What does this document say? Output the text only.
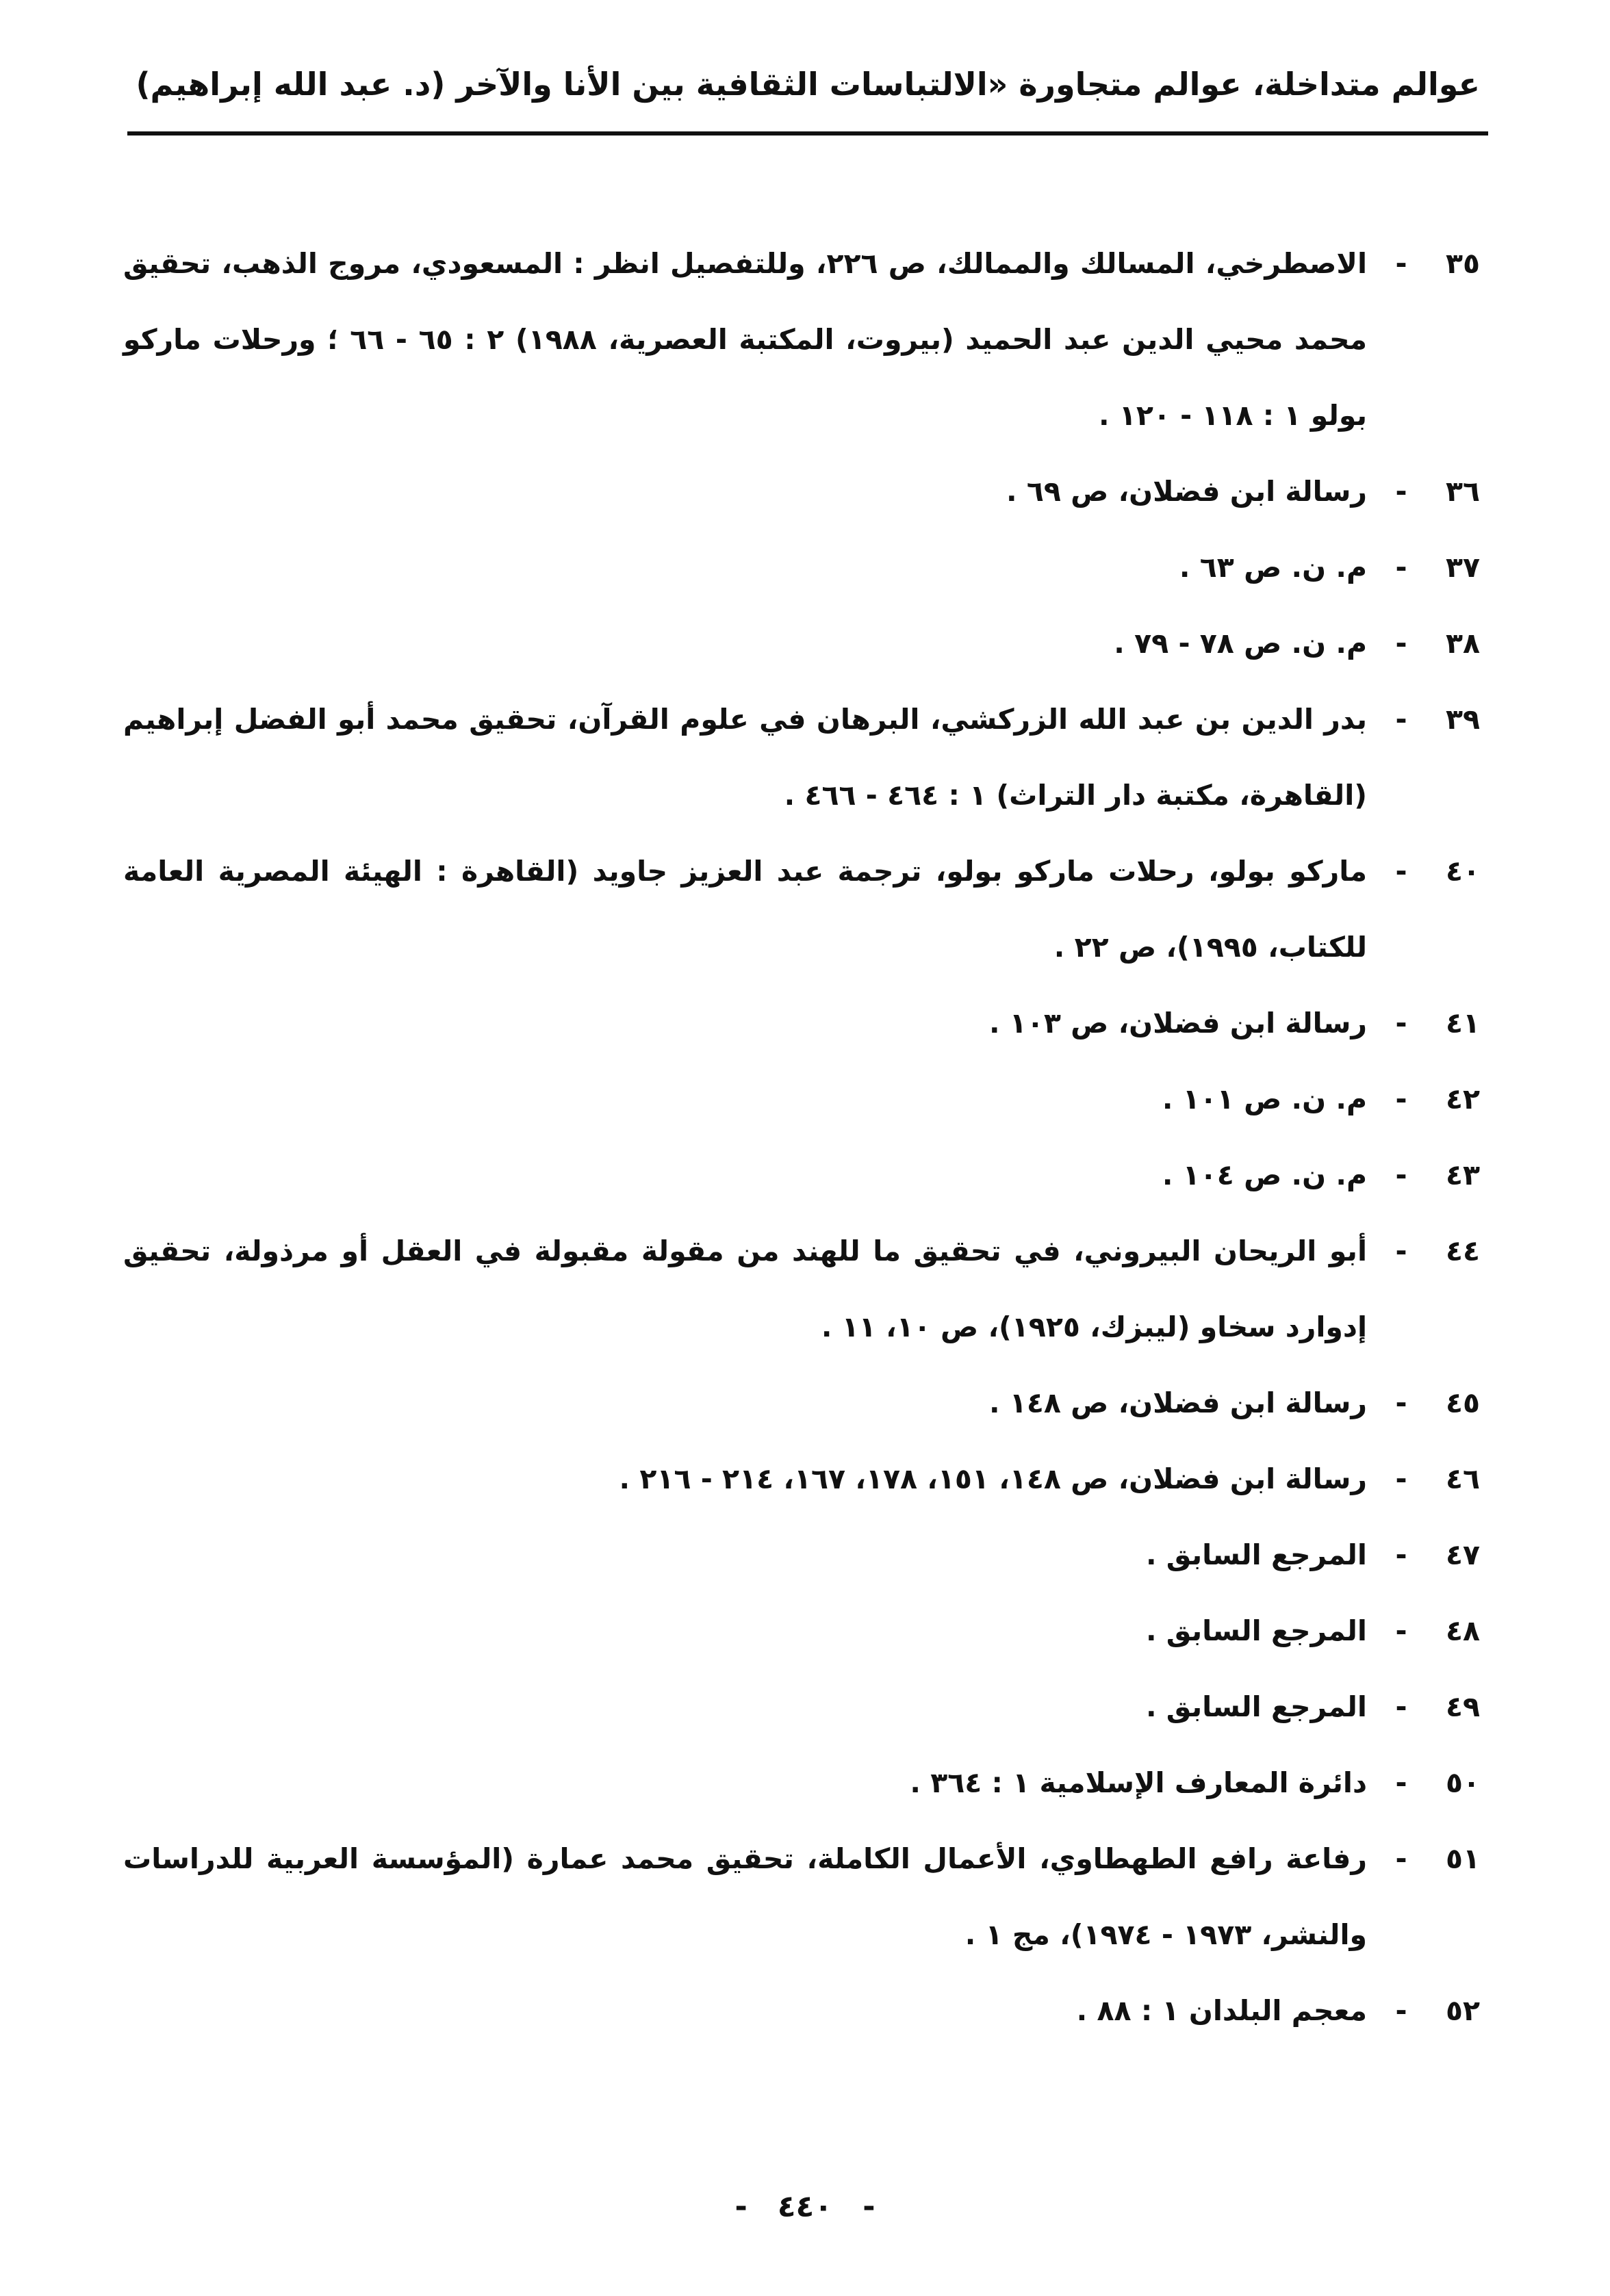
عوالم متداخلة، عوالم متجاورة «الالتباسات الثقافية بين الأنا والآخر (د. عبد الله إبراهيم)
٣٥
-
الاصطرخي، المسالك والممالك، ص ٢٢٦، وللتفصيل انظر : المسعودي، مروج الذهب، تحقيق محمد محيي الدين عبد الحميد (بيروت، المكتبة العصرية، ١٩٨٨) ٢ : ٦٥ - ٦٦ ؛ ورحلات ماركو بولو ١ : ١١٨ - ١٢٠ .
٣٦
-
رسالة ابن فضلان، ص ٦٩ .
٣٧
-
م. ن. ص ٦٣ .
٣٨
-
م. ن. ص ٧٨ - ٧٩ .
٣٩
-
بدر الدين بن عبد الله الزركشي، البرهان في علوم القرآن، تحقيق محمد أبو الفضل إبراهيم (القاهرة، مكتبة دار التراث) ١ : ٤٦٤ - ٤٦٦ .
٤٠
-
ماركو بولو، رحلات ماركو بولو، ترجمة عبد العزيز جاويد (القاهرة : الهيئة المصرية العامة للكتاب، ١٩٩٥)، ص ٢٢ .
٤١
-
رسالة ابن فضلان، ص ١٠٣ .
٤٢
-
م. ن. ص ١٠١ .
٤٣
-
م. ن. ص ١٠٤ .
٤٤
-
أبو الريحان البيروني، في تحقيق ما للهند من مقولة مقبولة في العقل أو مرذولة، تحقيق إدوارد سخاو (ليبزك، ١٩٢٥)، ص ١٠، ١١ .
٤٥
-
رسالة ابن فضلان، ص ١٤٨ .
٤٦
-
رسالة ابن فضلان، ص ١٤٨، ١٥١، ١٧٨، ١٦٧، ٢١٤ - ٢١٦ .
٤٧
-
المرجع السابق .
٤٨
-
المرجع السابق .
٤٩
-
المرجع السابق .
٥٠
-
دائرة المعارف الإسلامية ١ : ٣٦٤ .
٥١
-
رفاعة رافع الطهطاوي، الأعمال الكاملة، تحقيق محمد عمارة (المؤسسة العربية للدراسات والنشر، ١٩٧٣ - ١٩٧٤)، مج ١ .
٥٢
-
معجم البلدان ١ : ٨٨ .
- ٤٤٠ -
